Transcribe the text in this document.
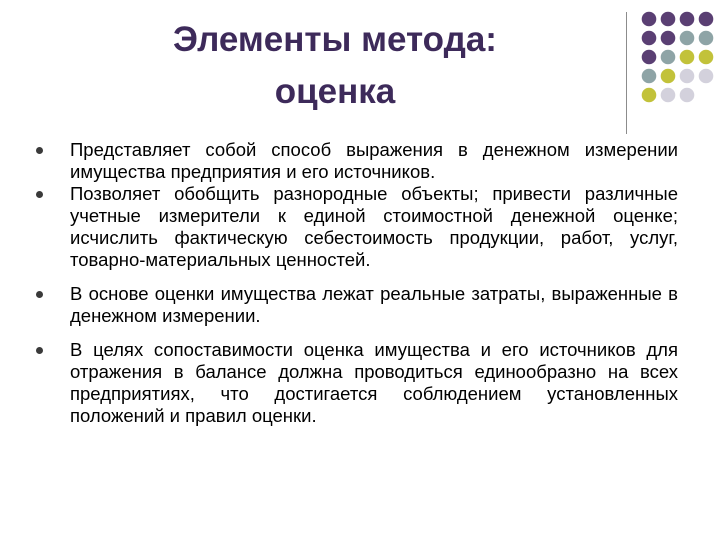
Элементы метода:
оценка
Представляет собой способ выражения в денежном измерении имущества предприятия и его источников.
Позволяет обобщить разнородные объекты; привести различные учетные измерители к единой стоимостной денежной оценке; исчислить фактическую себестоимость продукции, работ, услуг, товарно-материальных ценностей.
В основе оценки имущества лежат реальные затраты, выраженные в денежном измерении.
В целях сопоставимости оценка имущества и его источников для отражения в балансе должна проводиться единообразно на всех предприятиях, что достигается соблюдением установленных положений и правил оценки.
